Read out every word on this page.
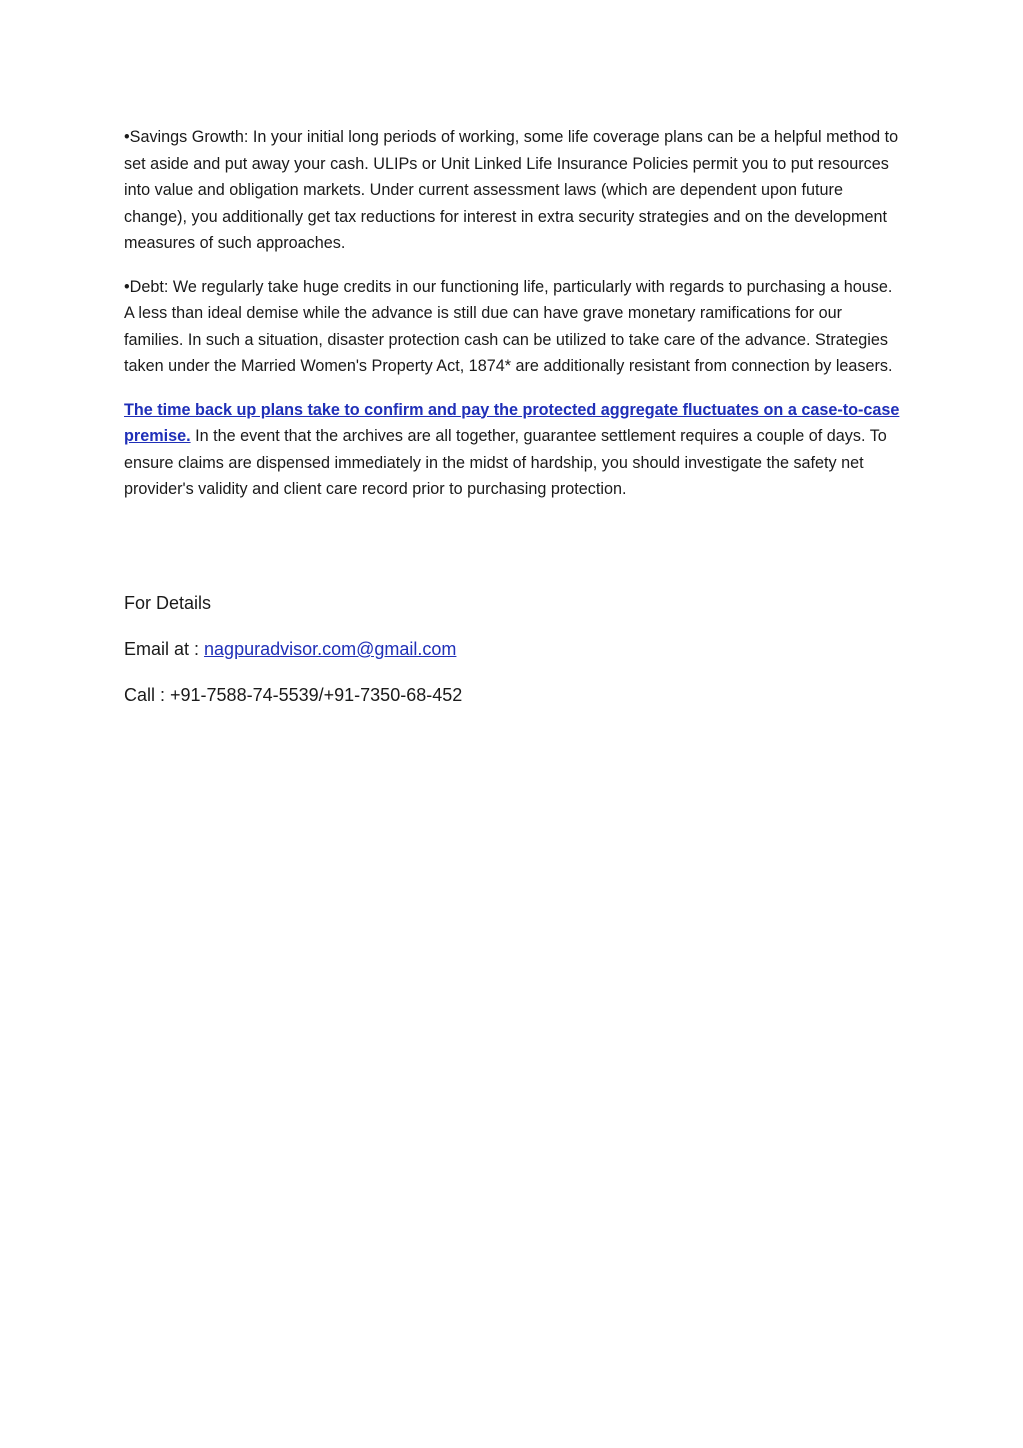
•Savings Growth: In your initial long periods of working, some life coverage plans can be a helpful method to set aside and put away your cash. ULIPs or Unit Linked Life Insurance Policies permit you to put resources into value and obligation markets. Under current assessment laws (which are dependent upon future change), you additionally get tax reductions for interest in extra security strategies and on the development measures of such approaches.

•Debt: We regularly take huge credits in our functioning life, particularly with regards to purchasing a house. A less than ideal demise while the advance is still due can have grave monetary ramifications for our families. In such a situation, disaster protection cash can be utilized to take care of the advance. Strategies taken under the Married Women's Property Act, 1874* are additionally resistant from connection by leasers.

The time back up plans take to confirm and pay the protected aggregate fluctuates on a case-to-case premise. In the event that the archives are all together, guarantee settlement requires a couple of days. To ensure claims are dispensed immediately in the midst of hardship, you should investigate the safety net provider's validity and client care record prior to purchasing protection.

For Details

Email at : nagpuradvisor.com@gmail.com

Call : +91-7588-74-5539/+91-7350-68-452
